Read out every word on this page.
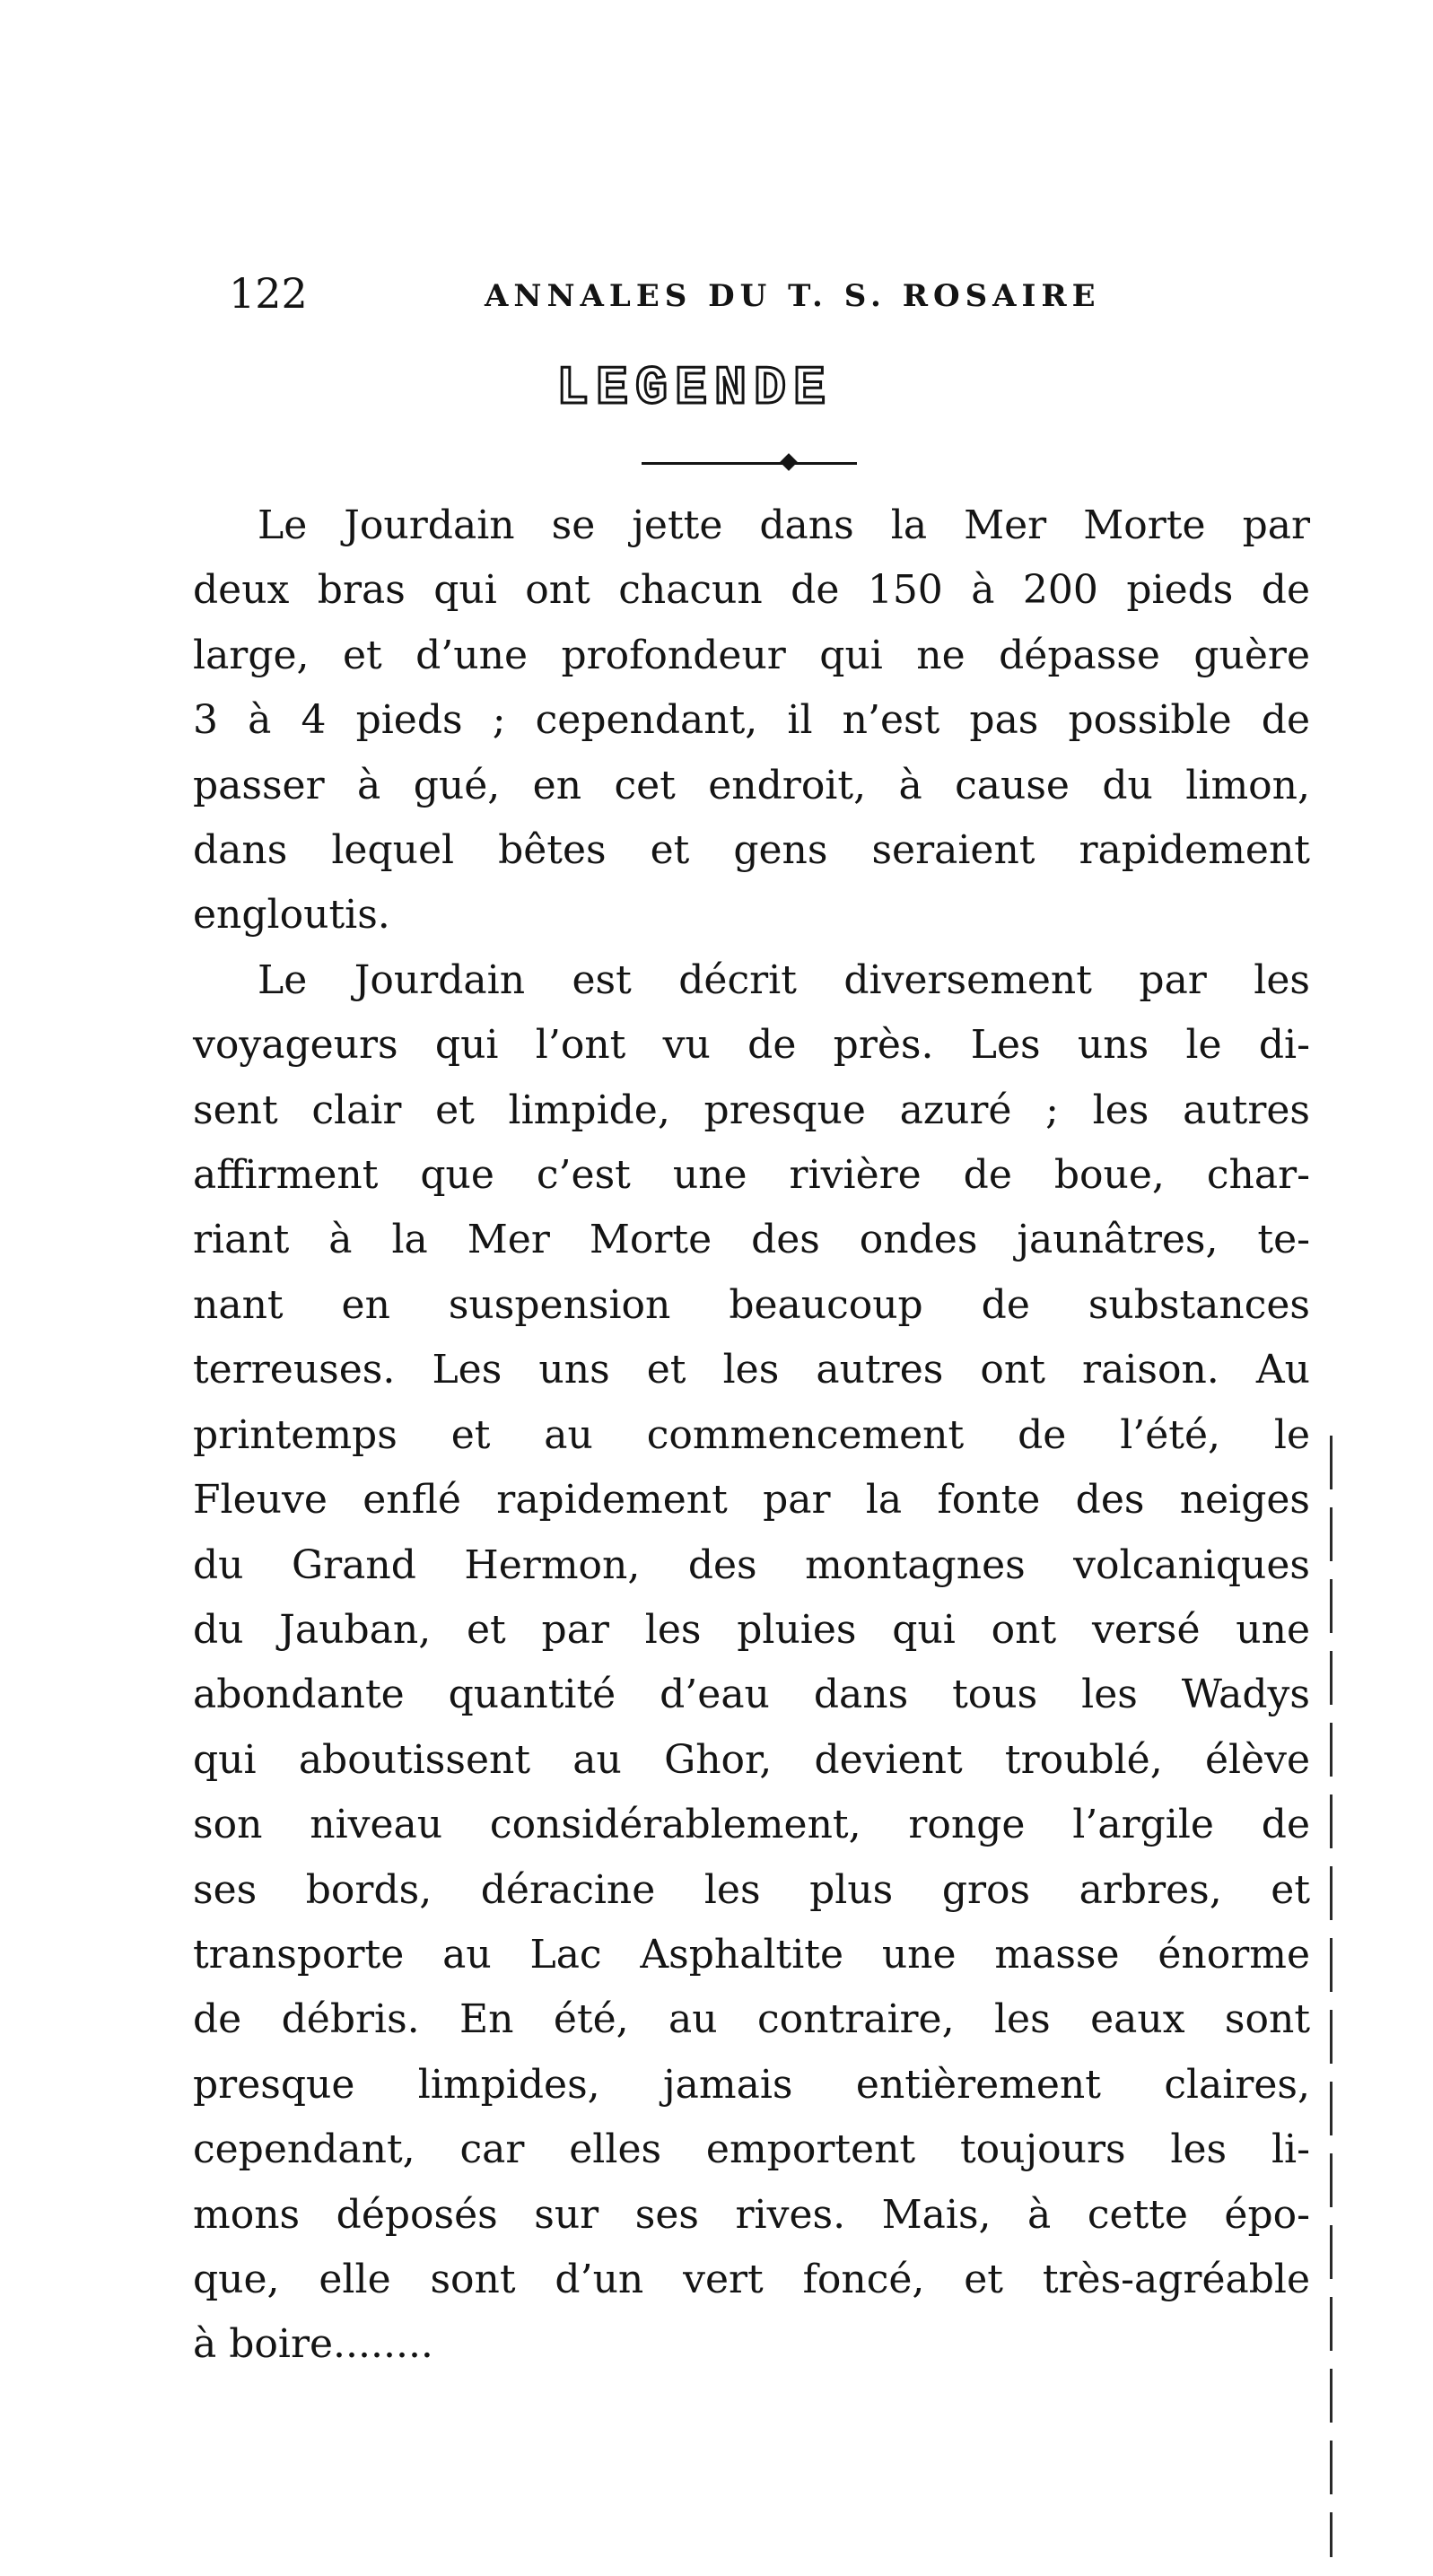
122	ANNALES DU T. S. ROSAIRE
LEGENDE
Le Jourdain se jette dans la Mer Morte par
deux bras qui ont chacun de 150 à 200 pieds de
large, et d’une profondeur qui ne dépasse guère
3 à 4 pieds ; cependant, il n’est pas possible de
passer à gué, en cet endroit, à cause du limon,
dans lequel bêtes et gens seraient rapidement
engloutis.
Le Jourdain est décrit diversement par les
voyageurs qui l’ont vu de près. Les uns le di-
sent clair et limpide, presque azuré ; les autres
affirment que c’est une rivière de boue, char-
riant à la Mer Morte des ondes jaunâtres, te-
nant en suspension beaucoup de substances
terreuses. Les uns et les autres ont raison. Au
printemps et au commencement de l’été, le
Fleuve enflé rapidement par la fonte des neiges
du Grand Hermon, des montagnes volcaniques
du Jauban, et par les pluies qui ont versé une
abondante quantité d’eau dans tous les Wadys
qui aboutissent au Ghor, devient troublé, élève
son niveau considérablement, ronge l’argile de
ses bords, déracine les plus gros arbres, et
transporte au Lac Asphaltite une masse énorme
de débris. En été, au contraire, les eaux sont
presque limpides, jamais entièrement claires,
cependant, car elles emportent toujours les li-
mons déposés sur ses rives. Mais, à cette épo-
que, elle sont d’un vert foncé, et très-agréable
à boire........
